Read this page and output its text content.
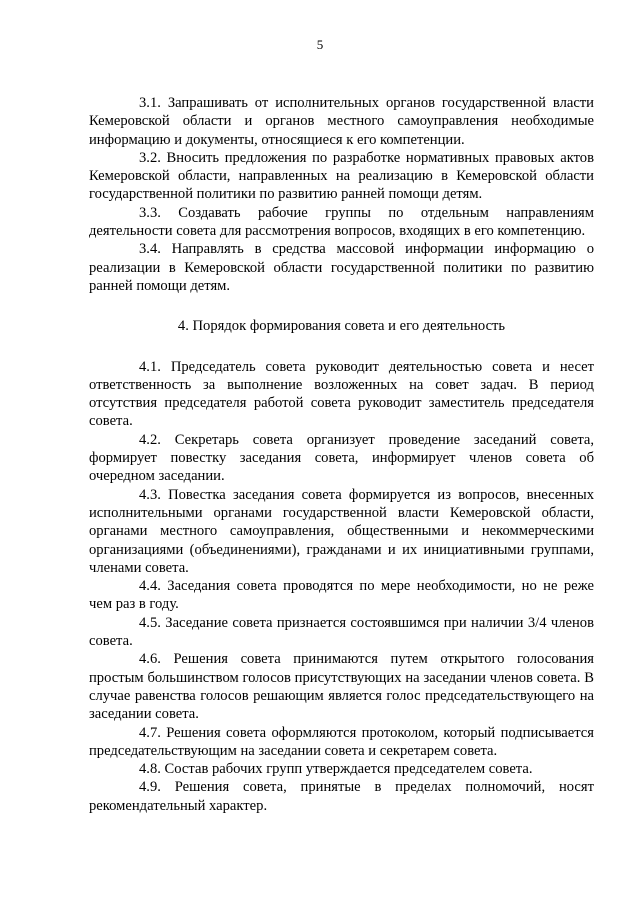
5

3.1. Запрашивать от исполнительных органов государственной власти Кемеровской области и органов местного самоуправления необходимые информацию и документы, относящиеся к его компетенции.

3.2. Вносить предложения по разработке нормативных правовых актов Кемеровской области, направленных на реализацию в Кемеровской области государственной политики по развитию ранней помощи детям.

3.3. Создавать рабочие группы по отдельным направлениям деятельности совета для рассмотрения вопросов, входящих в его компетенцию.

3.4. Направлять в средства массовой информации информацию о реализации в Кемеровской области государственной политики по развитию ранней помощи детям.

4. Порядок формирования совета и его деятельность

4.1. Председатель совета руководит деятельностью совета и несет ответственность за выполнение возложенных на совет задач. В период отсутствия председателя работой совета руководит заместитель председателя совета.

4.2. Секретарь совета организует проведение заседаний совета, формирует повестку заседания совета, информирует членов совета об очередном заседании.

4.3. Повестка заседания совета формируется из вопросов, внесенных исполнительными органами государственной власти Кемеровской области, органами местного самоуправления, общественными и некоммерческими организациями (объединениями), гражданами и их инициативными группами, членами совета.

4.4. Заседания совета проводятся по мере необходимости, но не реже чем раз в году.

4.5. Заседание совета признается состоявшимся при наличии 3/4 членов совета.

4.6. Решения совета принимаются путем открытого голосования простым большинством голосов присутствующих на заседании членов совета. В случае равенства голосов решающим является голос председательствующего на заседании совета.

4.7. Решения совета оформляются протоколом, который подписывается председательствующим на заседании совета и секретарем совета.

4.8. Состав рабочих групп утверждается председателем совета.

4.9. Решения совета, принятые в пределах полномочий, носят рекомендательный характер.
